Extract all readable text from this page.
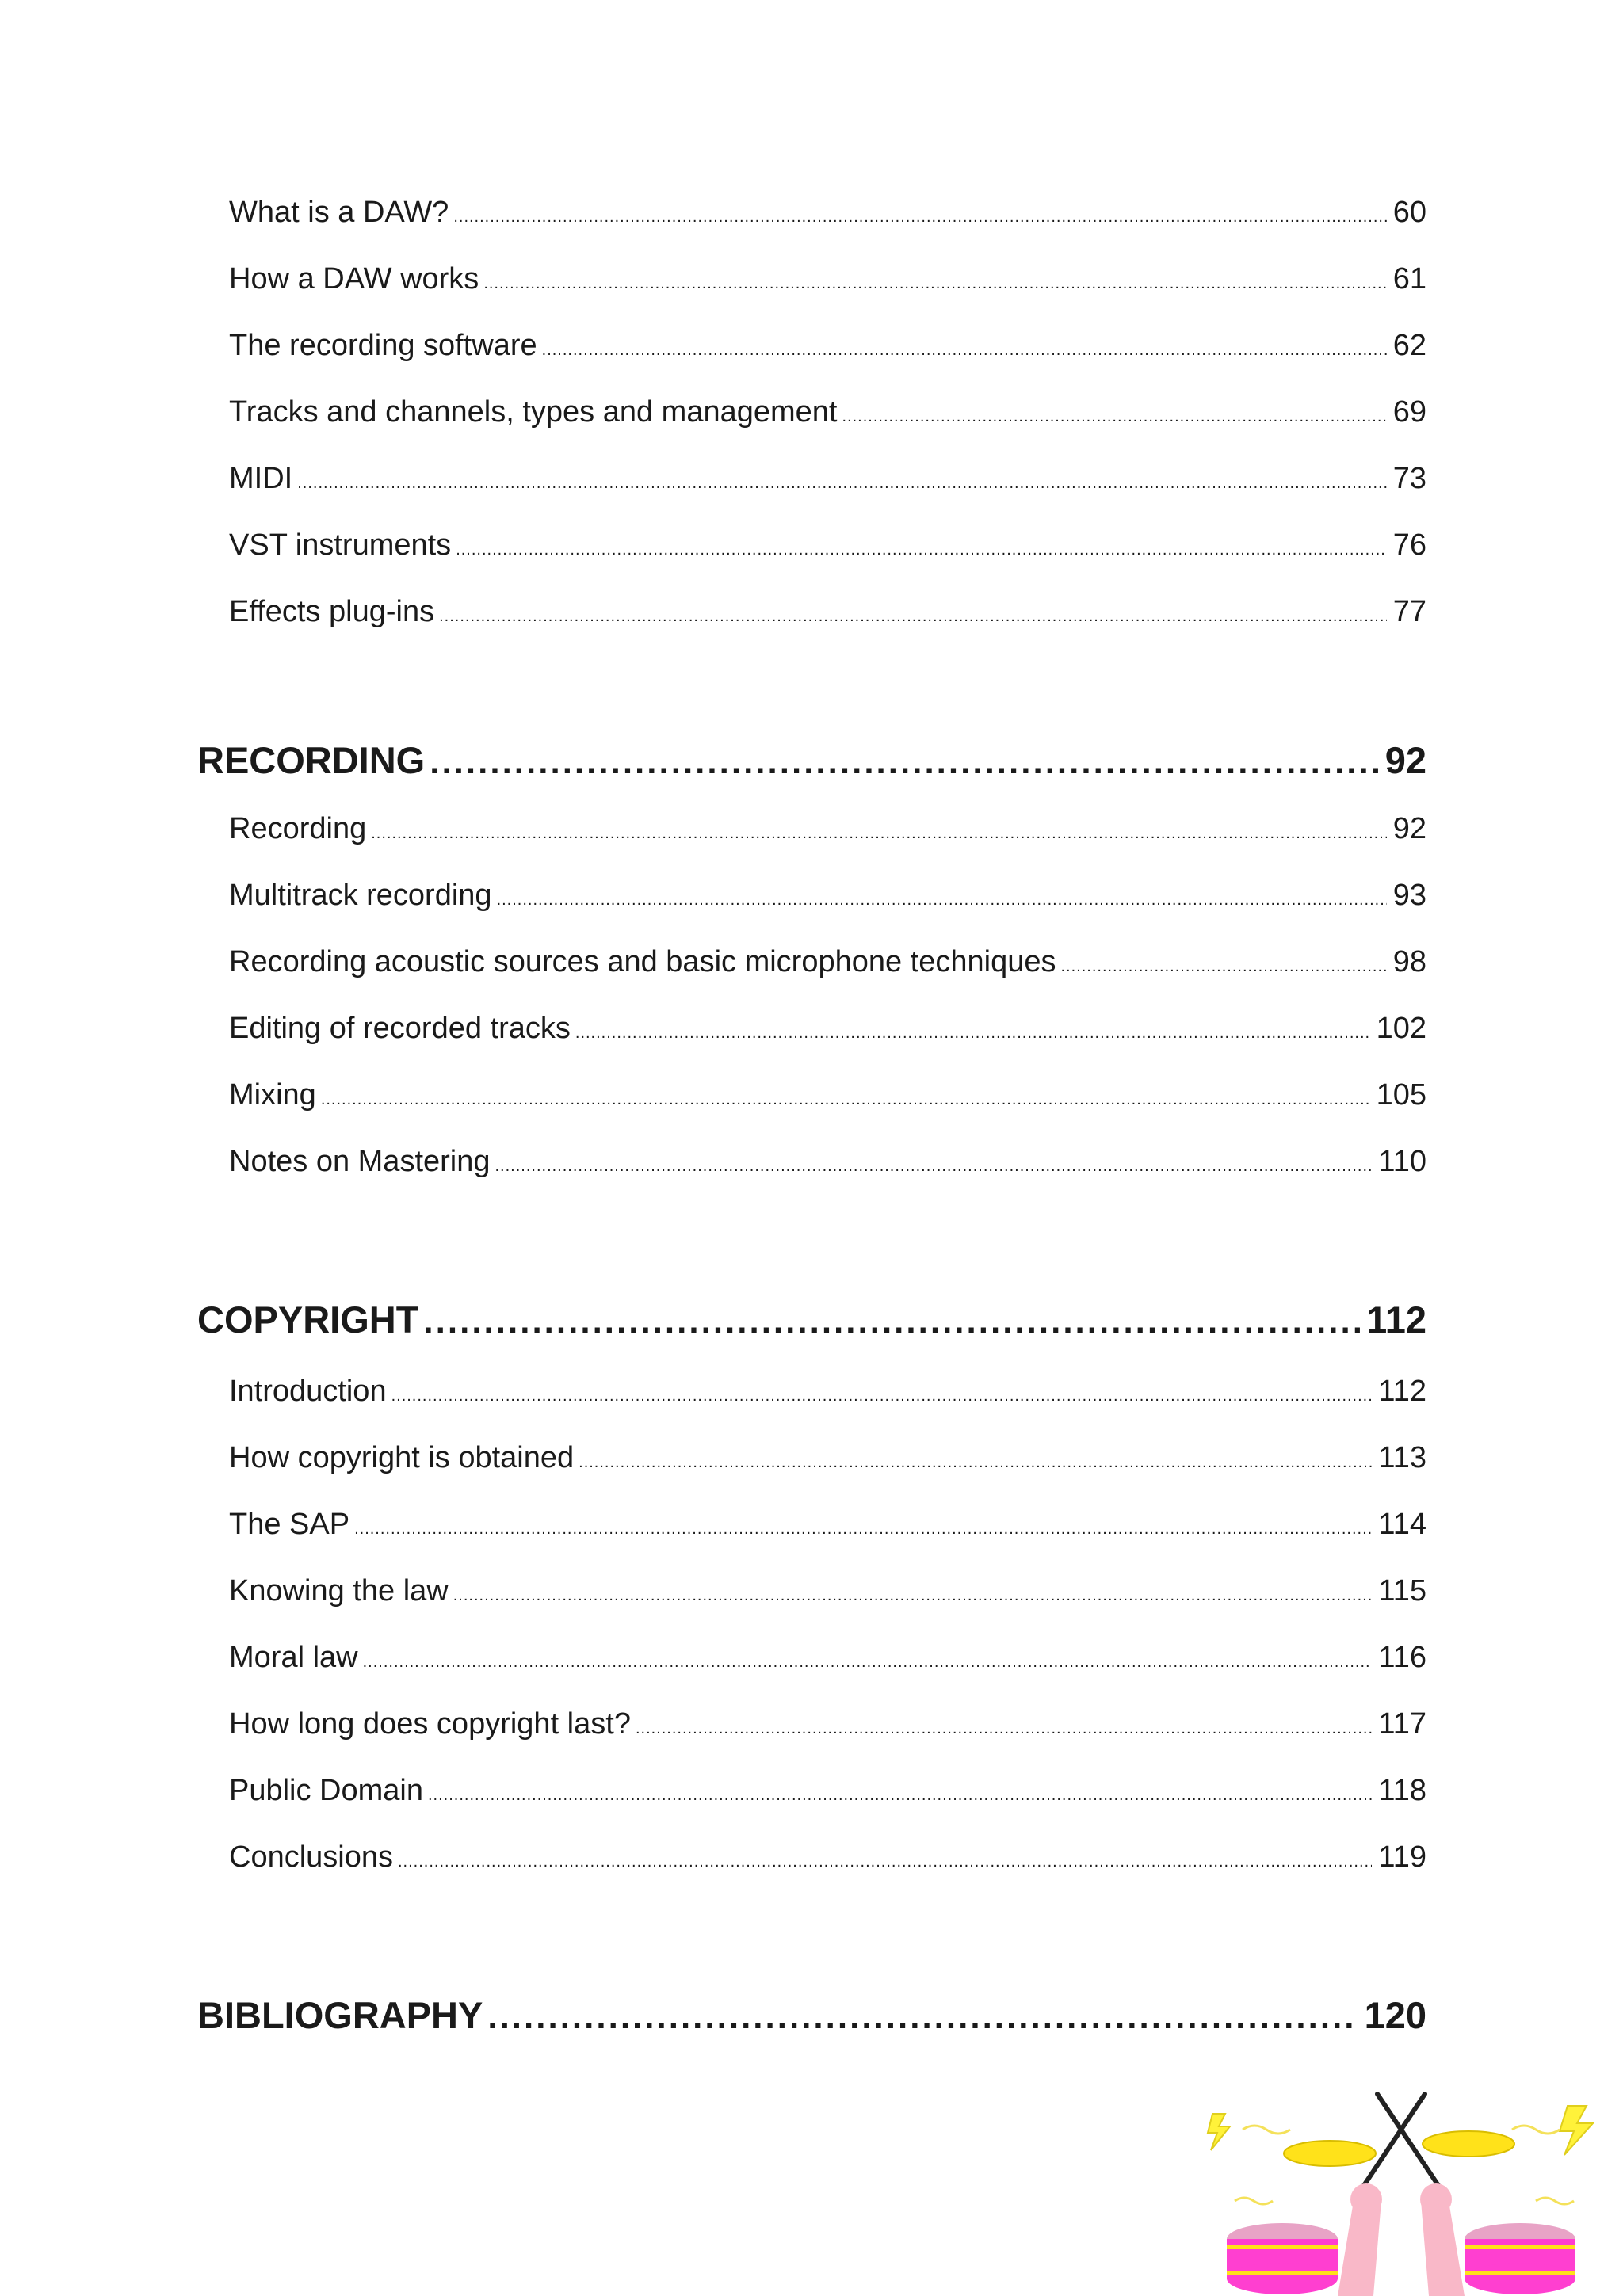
What is a DAW? .....	60
How a DAW works .....	61
The recording software .....	62
Tracks and channels, types and management .....	69
MIDI .....	73
VST instruments .....	76
Effects plug-ins .....	77
RECORDING .....	92
Recording .....	92
Multitrack recording .....	93
Recording acoustic sources and basic microphone techniques .....	98
Editing of recorded tracks .....	102
Mixing .....	105
Notes on Mastering .....	110
COPYRIGHT .....	112
Introduction .....	112
How copyright is obtained .....	113
The SAP .....	114
Knowing the law .....	115
Moral law .....	116
How long does copyright last? .....	117
Public Domain .....	118
Conclusions .....	119
BIBLIOGRAPHY .....	120
